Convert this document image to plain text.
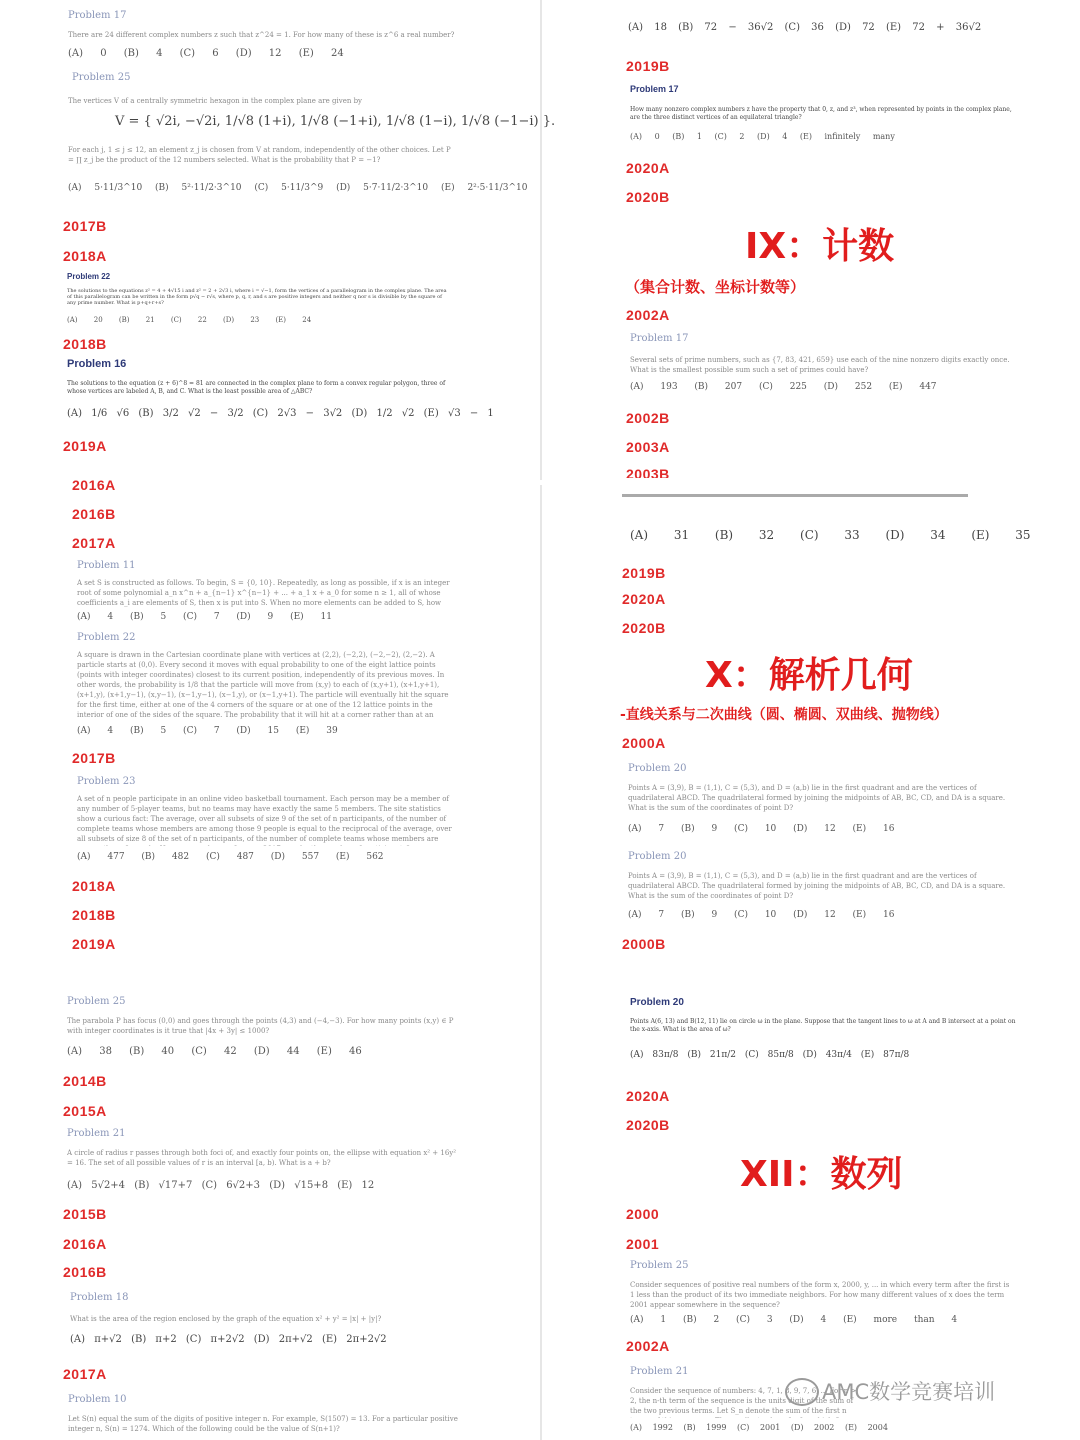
Problem 17
There are 24 different complex numbers z such that z^24 = 1. For how many of these is z^6 a real number?
(A) 0 (B) 4 (C) 6 (D) 12 (E) 24
Problem 25
The vertices V of a centrally symmetric hexagon in the complex plane are given by
V = { √2i, −√2i, 1/√8 (1+i), 1/√8 (−1+i), 1/√8 (1−i), 1/√8 (−1−i) }.
For each j, 1 ≤ j ≤ 12, an element z_j is chosen from V at random, independently of the other choices. Let P = ∏ z_j be the product of the 12 numbers selected. What is the probability that P = −1?
(A) 5·11/3^10 (B) 5²·11/2·3^10 (C) 5·11/3^9 (D) 5·7·11/2·3^10 (E) 2²·5·11/3^10
2017B
2018A
Problem 22
The solutions to the equations z² = 4 + 4√15 i and z² = 2 + 2√3 i, where i = √−1, form the vertices of a parallelogram in the complex plane. The area of this parallelogram can be written in the form p√q − r√s, where p, q, r, and s are positive integers and neither q nor s is divisible by the square of any prime number. What is p+q+r+s?
(A) 20 (B) 21 (C) 22 (D) 23 (E) 24
2018B
Problem 16
The solutions to the equation (z + 6)^8 = 81 are connected in the complex plane to form a convex regular polygon, three of whose vertices are labeled A, B, and C. What is the least possible area of △ABC?
(A) 1/6 √6 (B) 3/2 √2 − 3/2 (C) 2√3 − 3√2 (D) 1/2 √2 (E) √3 − 1
2019A
2016A
2016B
2017A
Problem 11
A set S is constructed as follows. To begin, S = {0, 10}. Repeatedly, as long as possible, if x is an integer root of some polynomial a_n x^n + a_{n−1} x^{n−1} + ... + a_1 x + a_0 for some n ≥ 1, all of whose coefficients a_i are elements of S, then x is put into S. When no more elements can be added to S, how
(A) 4 (B) 5 (C) 7 (D) 9 (E) 11
Problem 22
A square is drawn in the Cartesian coordinate plane with vertices at (2,2), (−2,2), (−2,−2), (2,−2). A particle starts at (0,0). Every second it moves with equal probability to one of the eight lattice points (points with integer coordinates) closest to its current position, independently of its previous moves. In other words, the probability is 1/8 that the particle will move from (x,y) to each of (x,y+1), (x+1,y+1), (x+1,y), (x+1,y−1), (x,y−1), (x−1,y−1), (x−1,y), or (x−1,y+1). The particle will eventually hit the square for the first time, either at one of the 4 corners of the square or at one of the 12 lattice points in the interior of one of the sides of the square. The probability that it will hit at a corner rather than at an
(A) 4 (B) 5 (C) 7 (D) 15 (E) 39
2017B
Problem 23
A set of n people participate in an online video basketball tournament. Each person may be a member of any number of 5-player teams, but no teams may have exactly the same 5 members. The site statistics show a curious fact: The average, over all subsets of size 9 of the set of n participants, of the number of complete teams whose members are among those 9 people is equal to the reciprocal of the average, over all subsets of size 8 of the set of n participants, of the number of complete teams whose members are
(A) 477 (B) 482 (C) 487 (D) 557 (E) 562
2018A
2018B
2019A
Problem 25
The parabola P has focus (0,0) and goes through the points (4,3) and (−4,−3). For how many points (x,y) ∈ P with integer coordinates is it true that |4x + 3y| ≤ 1000?
(A) 38 (B) 40 (C) 42 (D) 44 (E) 46
2014B
2015A
Problem 21
A circle of radius r passes through both foci of, and exactly four points on, the ellipse with equation x² + 16y² = 16. The set of all possible values of r is an interval [a, b). What is a + b?
(A) 5√2+4 (B) √17+7 (C) 6√2+3 (D) √15+8 (E) 12
2015B
2016A
2016B
Problem 18
What is the area of the region enclosed by the graph of the equation x² + y² = |x| + |y|?
(A) π+√2 (B) π+2 (C) π+2√2 (D) 2π+√2 (E) 2π+2√2
2017A
Problem 10
Let S(n) equal the sum of the digits of positive integer n. For example, S(1507) = 13. For a particular positive integer n, S(n) = 1274. Which of the following could be the value of S(n+1)?
(A) 18 (B) 72 − 36√2 (C) 36 (D) 72 (E) 72 + 36√2
2019B
Problem 17
How many nonzero complex numbers z have the property that 0, z, and z³, when represented by points in the complex plane, are the three distinct vertices of an equilateral triangle?
(A) 0 (B) 1 (C) 2 (D) 4 (E) infinitely many
2020A
2020B
IX：计数
（集合计数、坐标计数等）
2002A
Problem 17
Several sets of prime numbers, such as {7, 83, 421, 659} use each of the nine nonzero digits exactly once. What is the smallest possible sum such a set of primes could have?
(A) 193 (B) 207 (C) 225 (D) 252 (E) 447
2002B
2003A
2003B
(A) 31 (B) 32 (C) 33 (D) 34 (E) 35
2019B
2020A
2020B
X：解析几何
-直线关系与二次曲线（圆、椭圆、双曲线、抛物线）
2000A
Problem 20
Points A = (3,9), B = (1,1), C = (5,3), and D = (a,b) lie in the first quadrant and are the vertices of quadrilateral ABCD. The quadrilateral formed by joining the midpoints of AB, BC, CD, and DA is a square. What is the sum of the coordinates of point D?
(A) 7 (B) 9 (C) 10 (D) 12 (E) 16
Problem 20
Points A = (3,9), B = (1,1), C = (5,3), and D = (a,b) lie in the first quadrant and are the vertices of quadrilateral ABCD. The quadrilateral formed by joining the midpoints of AB, BC, CD, and DA is a square. What is the sum of the coordinates of point D?
(A) 7 (B) 9 (C) 10 (D) 12 (E) 16
2000B
Problem 20
Points A(6, 13) and B(12, 11) lie on circle ω in the plane. Suppose that the tangent lines to ω at A and B intersect at a point on the x-axis. What is the area of ω?
(A) 83π/8 (B) 21π/2 (C) 85π/8 (D) 43π/4 (E) 87π/8
2020A
2020B
XII：数列
2000
2001
Problem 25
Consider sequences of positive real numbers of the form x, 2000, y, ... in which every term after the first is 1 less than the product of its two immediate neighbors. For how many different values of x does the term 2001 appear somewhere in the sequence?
(A) 1 (B) 2 (C) 3 (D) 4 (E) more than 4
2002A
Problem 21
Consider the sequence of numbers: 4, 7, 1, 8, 9, 7, 6, ... For n > 2, the n-th term of the sequence is the units digit of the sum of the two previous terms. Let S_n denote the sum of the first n
(A) 1992 (B) 1999 (C) 2001 (D) 2002 (E) 2004
AMC数学竞赛培训
